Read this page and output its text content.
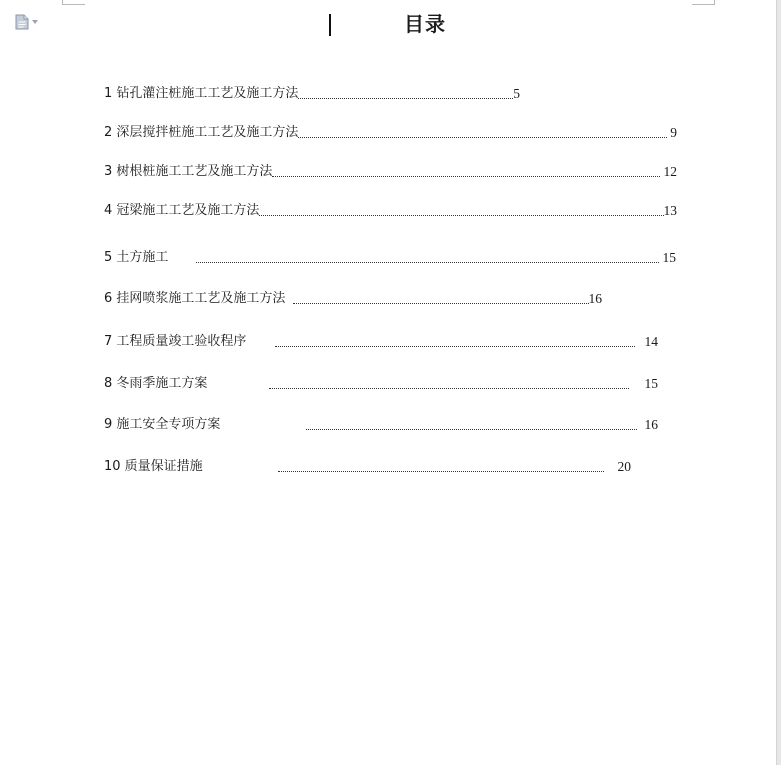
目录
1 钻孔灌注桩施工工艺及施工方法	5
2 深层搅拌桩施工工艺及施工方法	9
3 树根桩施工工艺及施工方法	12
4 冠梁施工工艺及施工方法	13
5 土方施工	15
6 挂网喷浆施工工艺及施工方法	16
7 工程质量竣工验收程序	14
8 冬雨季施工方案	15
9 施工安全专项方案	16
10 质量保证措施	20
